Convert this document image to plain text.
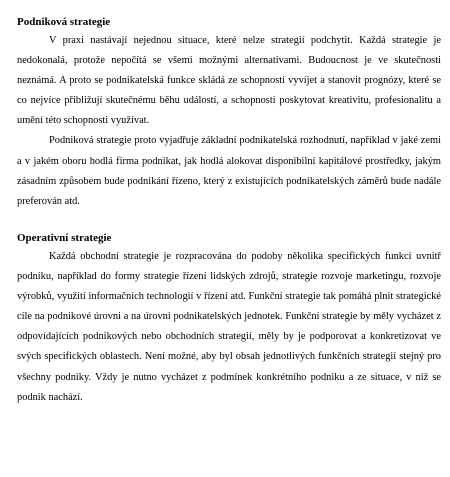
Podniková strategie

V praxi nastávají nejednou situace, které nelze strategií podchytit. Každá strategie je nedokonalá, protože nepočítá se všemi možnými alternativami. Budoucnost je ve skutečnosti neznámá. A proto se podnikatelská funkce skládá ze schopnosti vyvíjet a stanovit prognózy, které se co nejvíce přibližují skutečnému běhu událostí, a schopnosti poskytovat kreativitu, profesionalitu a umění této schopnosti využívat.

Podniková strategie proto vyjadřuje základní podnikatelská rozhodnutí, například v jaké zemi a v jakém oboru hodlá firma podnikat, jak hodlá alokovat disponibilní kapitálové prostředky, jakým zásadním způsobem bude podnikání řízeno, který z existujících podnikatelských záměrů bude nadále preferován atd.

Operativní strategie

Každá obchodní strategie je rozpracována do podoby několika specifických funkcí uvnitř podniku, například do formy strategie řízení lidských zdrojů, strategie rozvoje marketingu, rozvoje výrobků, využití informačních technologií v řízení atd. Funkční strategie tak pomáhá plnit strategické cíle na podnikové úrovni a na úrovni podnikatelských jednotek. Funkční strategie by měly vycházet z odpovídajících podnikových nebo obchodních strategií, měly by je podporovat a konkretizovat ve svých specifických oblastech. Není možné, aby byl obsah jednotlivých funkčních strategií stejný pro všechny podniky. Vždy je nutno vycházet z podmínek konkrétního podniku a ze situace, v níž se podnik nachází.
